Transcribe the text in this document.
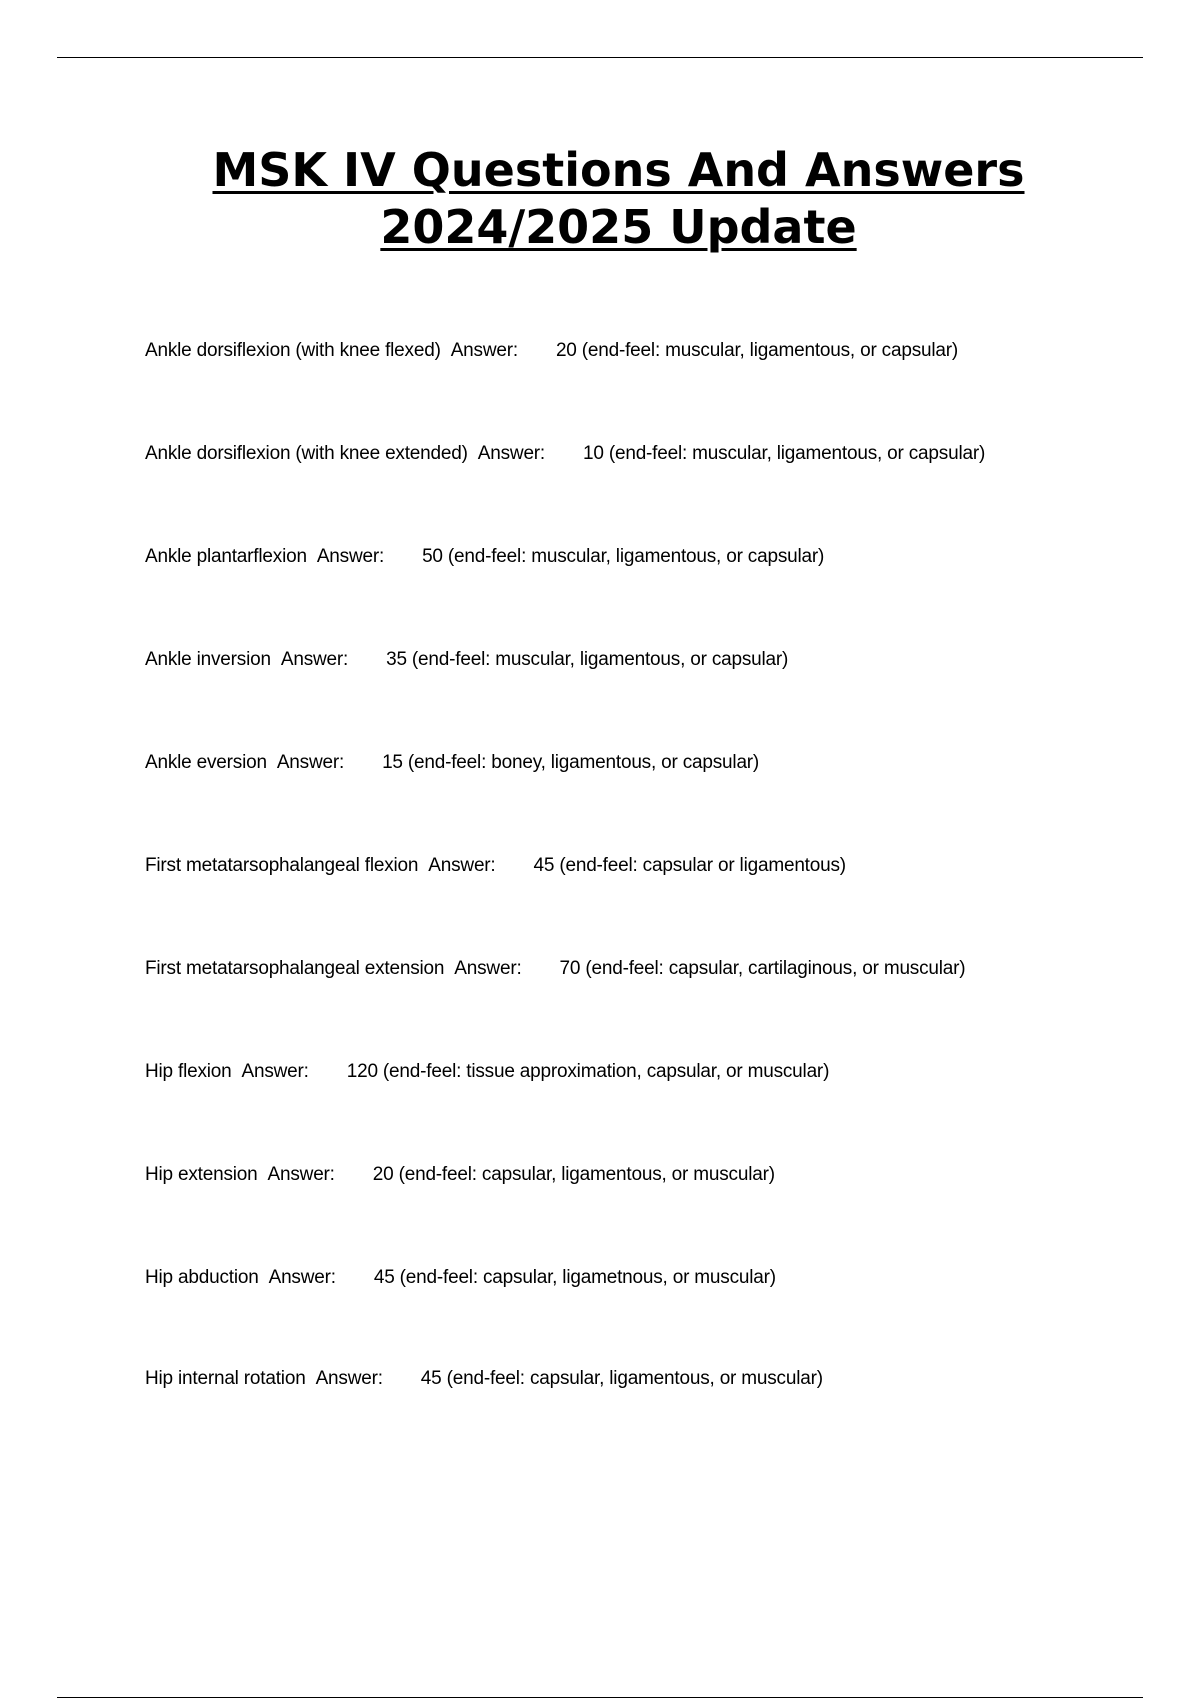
MSK IV Questions And Answers
2024/2025 Update
Ankle dorsiflexion (with knee flexed) Answer: 20 (end-feel: muscular, ligamentous, or capsular)
Ankle dorsiflexion (with knee extended) Answer: 10 (end-feel: muscular, ligamentous, or capsular)
Ankle plantarflexion Answer: 50 (end-feel: muscular, ligamentous, or capsular)
Ankle inversion Answer: 35 (end-feel: muscular, ligamentous, or capsular)
Ankle eversion Answer: 15 (end-feel: boney, ligamentous, or capsular)
First metatarsophalangeal flexion Answer: 45 (end-feel: capsular or ligamentous)
First metatarsophalangeal extension Answer: 70 (end-feel: capsular, cartilaginous, or muscular)
Hip flexion Answer: 120 (end-feel: tissue approximation, capsular, or muscular)
Hip extension Answer: 20 (end-feel: capsular, ligamentous, or muscular)
Hip abduction Answer: 45 (end-feel: capsular, ligametnous, or muscular)
Hip internal rotation Answer: 45 (end-feel: capsular, ligamentous, or muscular)
